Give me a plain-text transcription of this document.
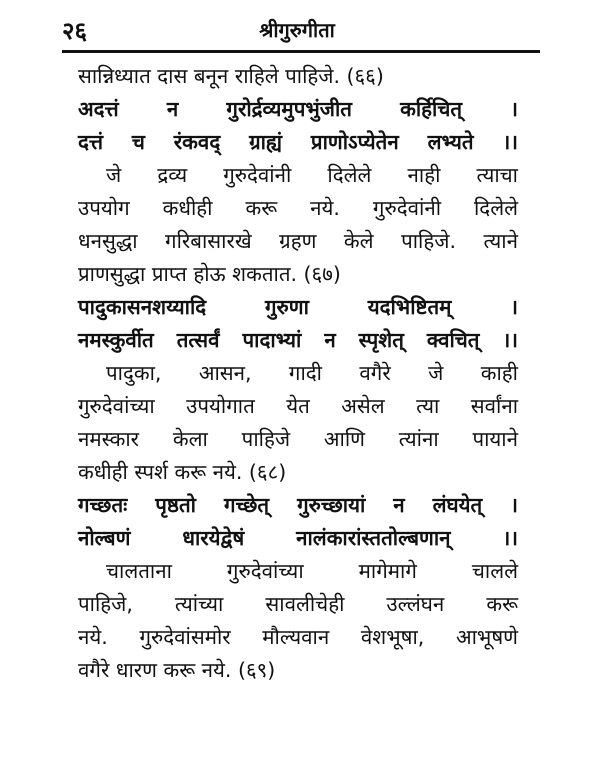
२६	श्रीगुरुगीता
सान्निध्यात दास बनून राहिले पाहिजे. (६६)
अदत्तं न गुरोर्द्रव्यमुपभुंजीत कर्हिचित् ।
दत्तं च रंकवद् ग्राह्यं प्राणोऽप्येतेन लभ्यते ।।
जे द्रव्य गुरुदेवांनी दिलेले नाही त्याचा
उपयोग कधीही करू नये. गुरुदेवांनी दिलेले
धनसुद्धा गरिबासारखे ग्रहण केले पाहिजे. त्याने
प्राणसुद्धा प्राप्त होऊ शकतात. (६७)
पादुकासनशय्यादि गुरुणा यदभिष्टितम् ।
नमस्कुर्वीत तत्सर्वं पादाभ्यां न स्पृशेत् क्वचित् ।।
पादुका, आसन, गादी वगैरे जे काही
गुरुदेवांच्या उपयोगात येत असेल त्या सर्वांना
नमस्कार केला पाहिजे आणि त्यांना पायाने
कधीही स्पर्श करू नये. (६८)
गच्छतः पृष्ठतो गच्छेत् गुरुच्छायां न लंघयेत् ।
नोल्बणं धारयेद्वेषं नालंकारांस्ततोल्बणान् ।।
चालताना गुरुदेवांच्या मागेमागे चालले
पाहिजे, त्यांच्या सावलीचेही उल्लंघन करू
नये. गुरुदेवांसमोर मौल्यवान वेशभूषा, आभूषणे
वगैरे धारण करू नये. (६९)
